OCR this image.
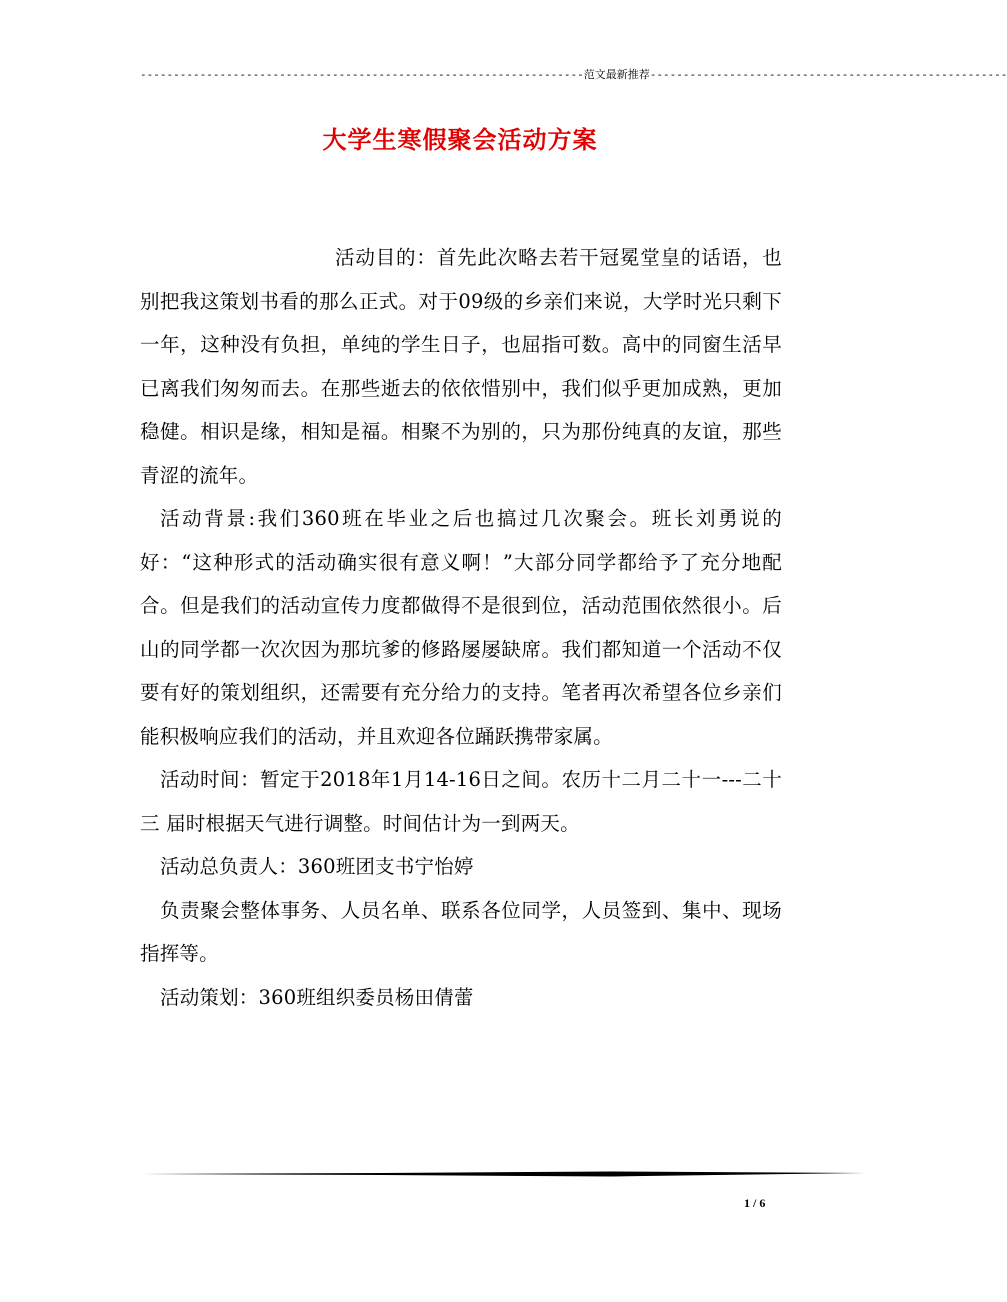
-------------------------------------------------------------------范文最新推荐------------------------------------------------------
大学生寒假聚会活动方案

活动目的：首先此次略去若干冠冕堂皇的话语，也别把我这策划书看的那么正式。对于09级的乡亲们来说，大学时光只剩下一年，这种没有负担，单纯的学生日子，也屈指可数。高中的同窗生活早已离我们匆匆而去。在那些逝去的依依惜别中，我们似乎更加成熟，更加稳健。相识是缘，相知是福。相聚不为别的，只为那份纯真的友谊，那些青涩的流年。

活动背景:我们360班在毕业之后也搞过几次聚会。班长刘勇说的好：“这种形式的活动确实很有意义啊！”大部分同学都给予了充分地配合。但是我们的活动宣传力度都做得不是很到位，活动范围依然很小。后山的同学都一次次因为那坑爹的修路屡屡缺席。我们都知道一个活动不仅要有好的策划组织，还需要有充分给力的支持。笔者再次希望各位乡亲们能积极响应我们的活动，并且欢迎各位踊跃携带家属。

活动时间：暂定于2018年1月14-16日之间。农历十二月二十一---二十三 届时根据天气进行调整。时间估计为一到两天。

活动总负责人：360班团支书宁怡婷

负责聚会整体事务、人员名单、联系各位同学，人员签到、集中、现场指挥等。

活动策划：360班组织委员杨田倩蕾

1 / 6
